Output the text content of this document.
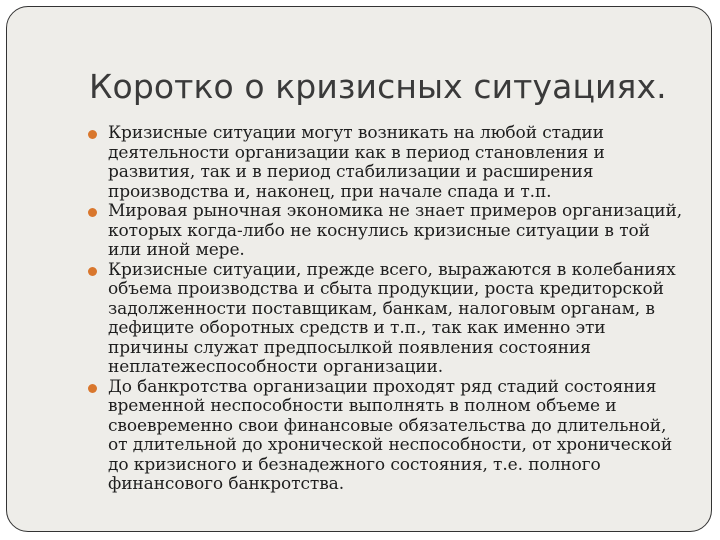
Коротко о кризисных ситуациях.
Кризисные ситуации могут возникать на любой стадии деятельности организации как в период становления и развития, так и в период стабилизации и расширения производства и, наконец, при начале спада и т.п.
Мировая рыночная экономика не знает примеров организаций, которых когда-либо не коснулись кризисные ситуации в той или иной мере.
Кризисные ситуации, прежде всего, выражаются в колебаниях объема производства и сбыта продукции, роста кредиторской задолженности поставщикам, банкам, налоговым органам, в дефиците оборотных средств и т.п., так как именно эти причины служат предпосылкой появления состояния неплатежеспособности организации.
До банкротства организации проходят ряд стадий состояния временной неспособности выполнять в полном объеме и своевременно свои финансовые обязательства до длительной, от длительной до хронической неспособности, от хронической до кризисного и безнадежного состояния, т.е. полного финансового банкротства.
